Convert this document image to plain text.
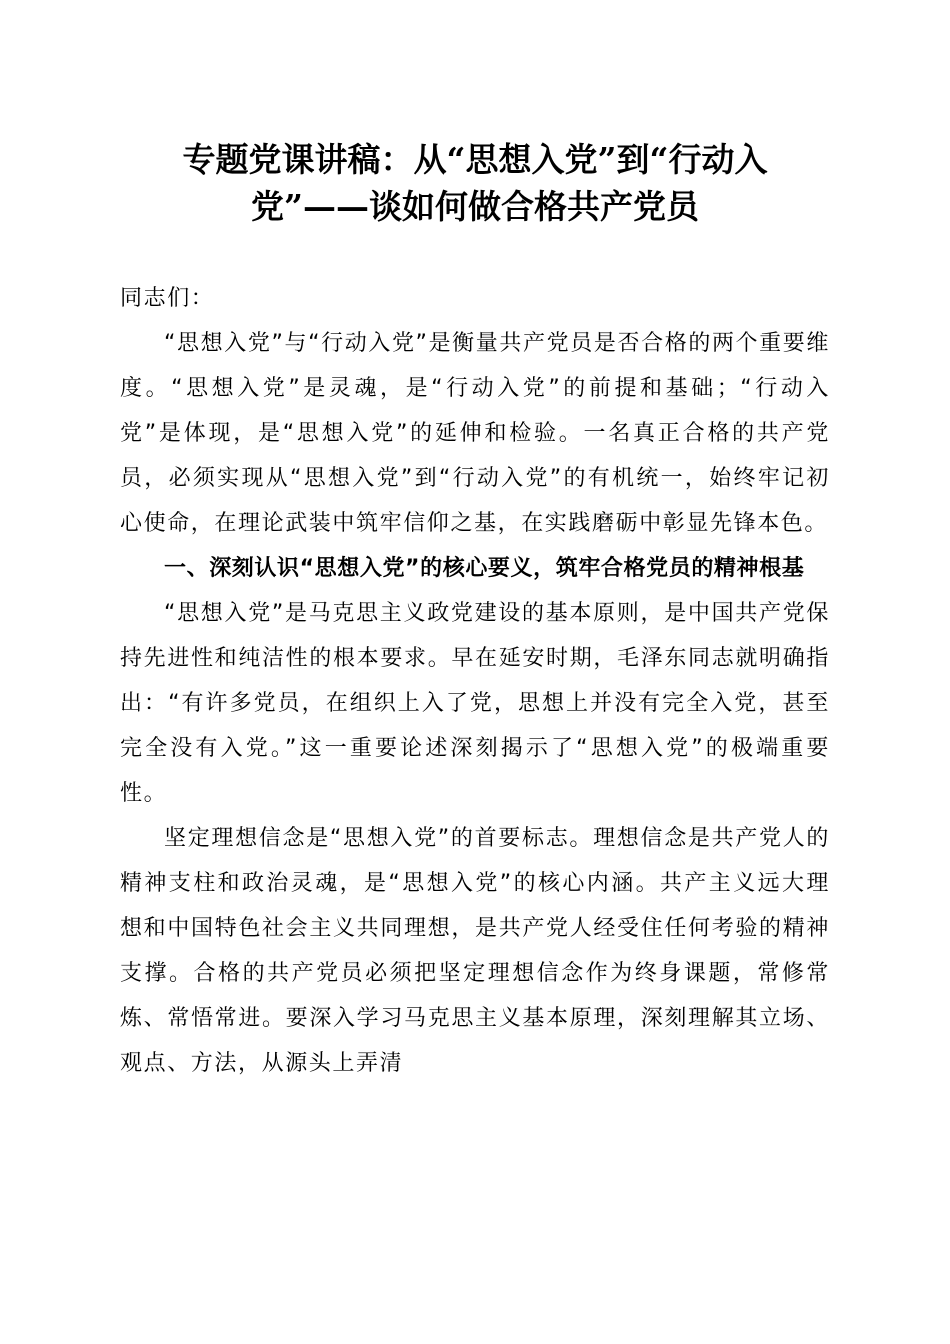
专题党课讲稿：从“思想入党”到“行动入
党”——谈如何做合格共产党员

同志们：

“思想入党”与“行动入党”是衡量共产党员是否合格的两个重要维度。“思想入党”是灵魂，是“行动入党”的前提和基础；“行动入党”是体现，是“思想入党”的延伸和检验。一名真正合格的共产党员，必须实现从“思想入党”到“行动入党”的有机统一，始终牢记初心使命，在理论武装中筑牢信仰之基，在实践磨砺中彰显先锋本色。

一、深刻认识“思想入党”的核心要义，筑牢合格党员的精神根基

“思想入党”是马克思主义政党建设的基本原则，是中国共产党保持先进性和纯洁性的根本要求。早在延安时期，毛泽东同志就明确指出：“有许多党员，在组织上入了党，思想上并没有完全入党，甚至完全没有入党。”这一重要论述深刻揭示了“思想入党”的极端重要性。

坚定理想信念是“思想入党”的首要标志。理想信念是共产党人的精神支柱和政治灵魂，是“思想入党”的核心内涵。共产主义远大理想和中国特色社会主义共同理想，是共产党人经受住任何考验的精神支撑。合格的共产党员必须把坚定理想信念作为终身课题，常修常炼、常悟常进。要深入学习马克思主义基本原理，深刻理解其立场、观点、方法，从源头上弄清
